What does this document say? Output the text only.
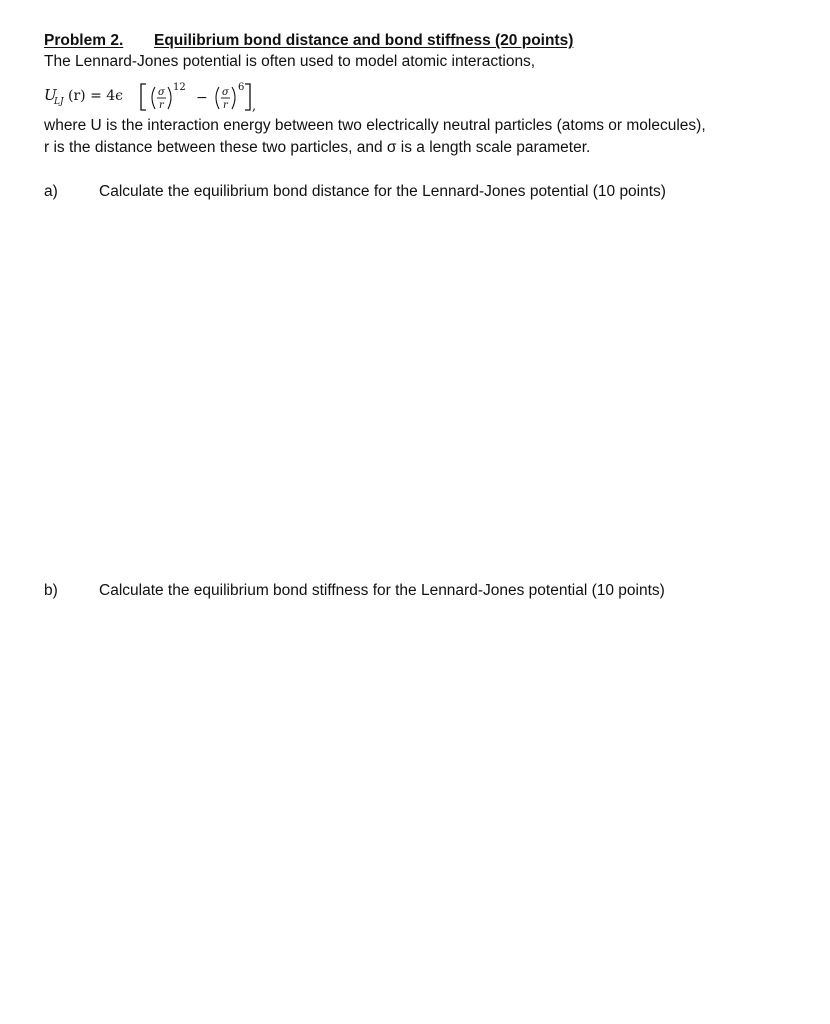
Problem 2. Equilibrium bond distance and bond stiffness (20 points)
The Lennard-Jones potential is often used to model atomic interactions,
U
LJ (r) = 4ϵ	σ
r
12
− σ
r
6
,
where U is the interaction energy between two electrically neutral particles (atoms or molecules),
r is the distance between these two particles, and σ is a length scale parameter.
a)	Calculate the equilibrium bond distance for the Lennard-Jones potential (10 points)
b)	Calculate the equilibrium bond stiffness for the Lennard-Jones potential (10 points)
